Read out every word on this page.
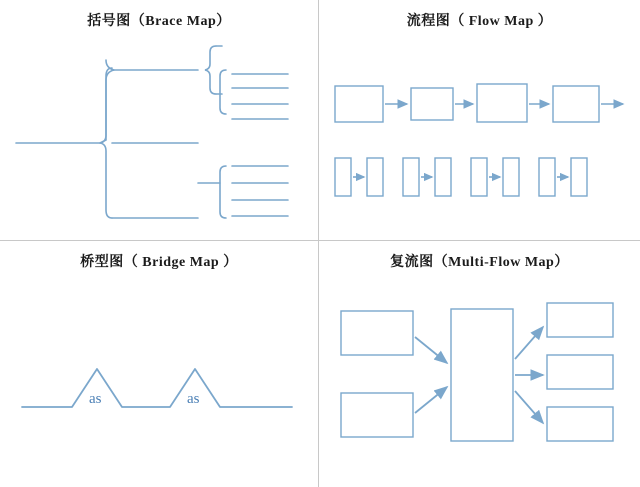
括号图（Brace Map）	流程图（ Flow Map ）
桥型图（ Bridge Map ）
as	as
复流图（Multi-Flow Map）
